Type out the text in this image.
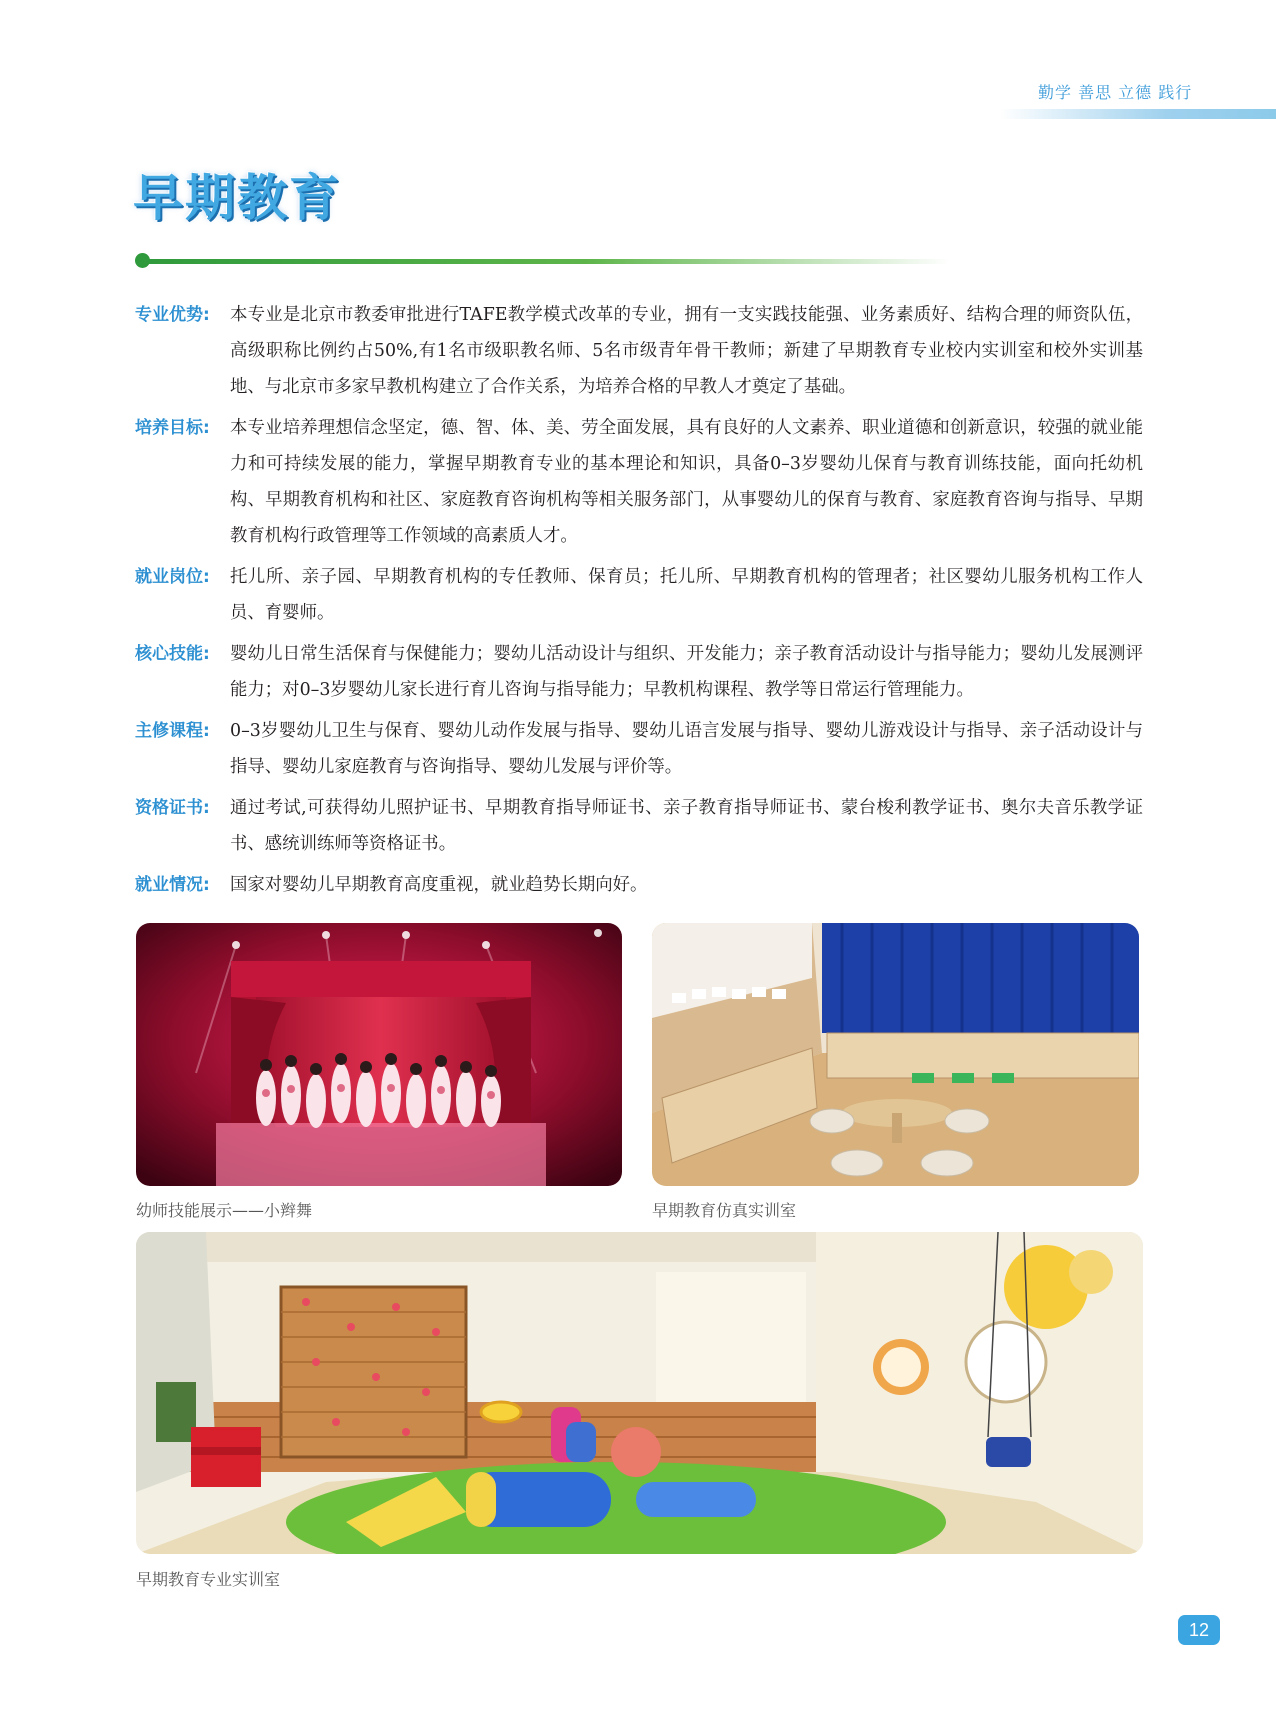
勤学 善思 立德 践行
早期教育
专业优势:	本专业是北京市教委审批进行TAFE教学模式改革的专业，拥有一支实践技能强、业务素质好、结构合理的师资队伍，高级职称比例约占50%,有1名市级职教名师、5名市级青年骨干教师；新建了早期教育专业校内实训室和校外实训基地、与北京市多家早教机构建立了合作关系，为培养合格的早教人才奠定了基础。
培养目标:	本专业培养理想信念坚定，德、智、体、美、劳全面发展，具有良好的人文素养、职业道德和创新意识，较强的就业能力和可持续发展的能力，掌握早期教育专业的基本理论和知识，具备0–3岁婴幼儿保育与教育训练技能，面向托幼机构、早期教育机构和社区、家庭教育咨询机构等相关服务部门，从事婴幼儿的保育与教育、家庭教育咨询与指导、早期教育机构行政管理等工作领域的高素质人才。
就业岗位:	托儿所、亲子园、早期教育机构的专任教师、保育员；托儿所、早期教育机构的管理者；社区婴幼儿服务机构工作人员、育婴师。
核心技能:	婴幼儿日常生活保育与保健能力；婴幼儿活动设计与组织、开发能力；亲子教育活动设计与指导能力；婴幼儿发展测评能力；对0–3岁婴幼儿家长进行育儿咨询与指导能力；早教机构课程、教学等日常运行管理能力。
主修课程:	0–3岁婴幼儿卫生与保育、婴幼儿动作发展与指导、婴幼儿语言发展与指导、婴幼儿游戏设计与指导、亲子活动设计与指导、婴幼儿家庭教育与咨询指导、婴幼儿发展与评价等。
资格证书:	通过考试,可获得幼儿照护证书、早期教育指导师证书、亲子教育指导师证书、蒙台梭利教学证书、奥尔夫音乐教学证书、感统训练师等资格证书。
就业情况:	国家对婴幼儿早期教育高度重视，就业趋势长期向好。
幼师技能展示——小辫舞	早期教育仿真实训室
早期教育专业实训室
12
